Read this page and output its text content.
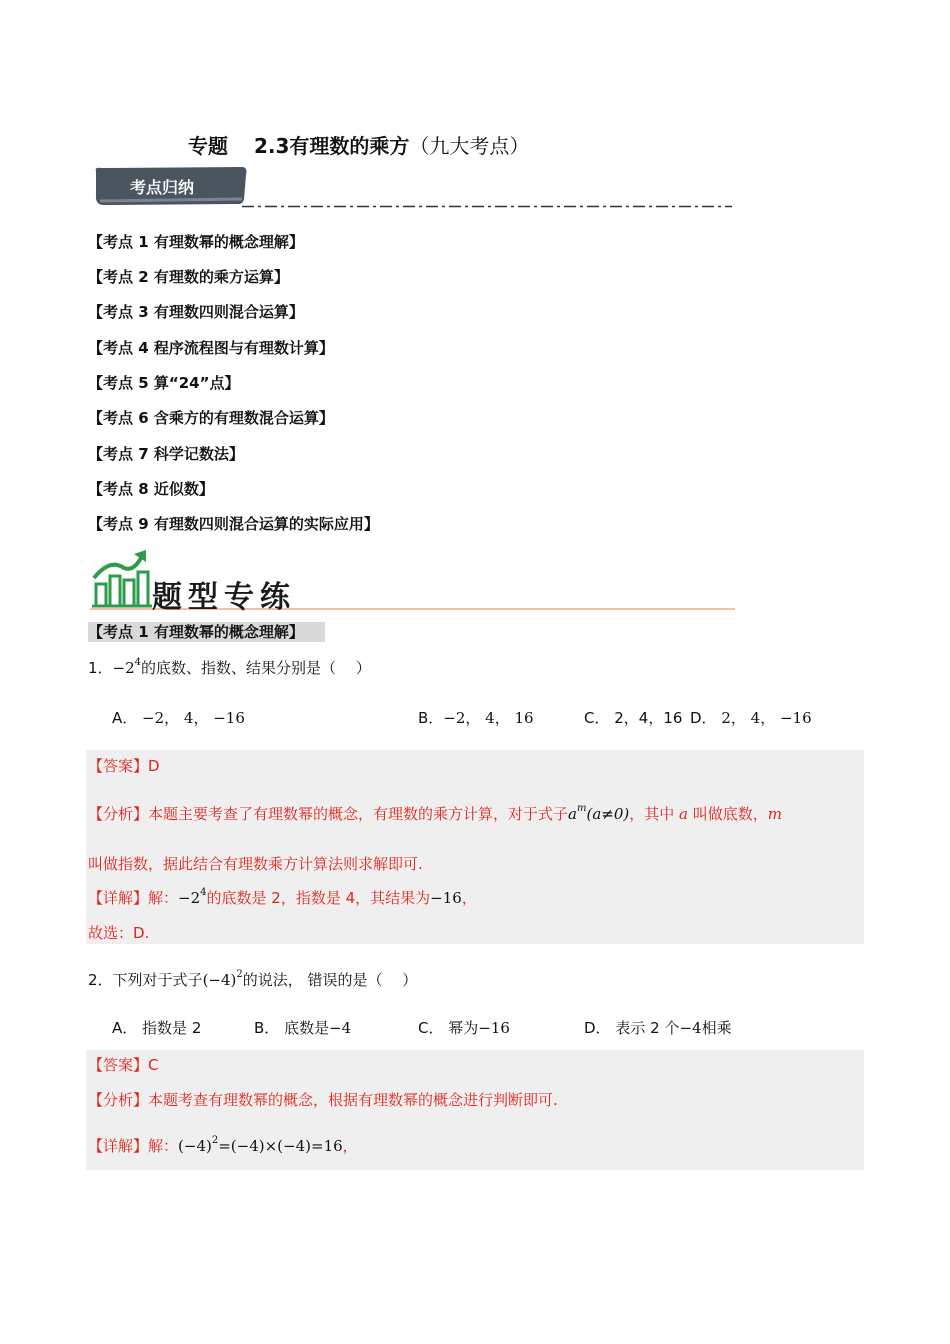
专题 2.3有理数的乘方（九大考点）
考点归纳
【考点 1 有理数幂的概念理解】
【考点 2 有理数的乘方运算】
【考点 3 有理数四则混合运算】
【考点 4 程序流程图与有理数计算】
【考点 5 算“24”点】
【考点 6 含乘方的有理数混合运算】
【考点 7 科学记数法】
【考点 8 近似数】
【考点 9 有理数四则混合运算的实际应用】
题型专练
【考点 1 有理数幂的概念理解】
1．$-2^4$的底数、指数、结果分别是（　 ）
A． −2， 4， −16	B．−2， 4， 16	C． 2，4，16 D． 2， 4， −16
【答案】D
【分析】本题主要考查了有理数幂的概念，有理数的乘方计算，对于式子$a^m(a\ne 0)$，其中 a 叫做底数，m
叫做指数，据此结合有理数乘方计算法则求解即可.
【详解】解：$-2^4$的底数是 2，指数是 4，其结果为−16，
故选：D.
2．下列对于式子$(-4)^2$的说法， 错误的是（　 ）
A． 指数是 2	B． 底数是−4	C． 幂为−16	D． 表示 2 个−4相乘
【答案】C
【分析】本题考查有理数幂的概念，根据有理数幂的概念进行判断即可.
【详解】解：$(-4)^2=(-4)\times(-4)=16$，
